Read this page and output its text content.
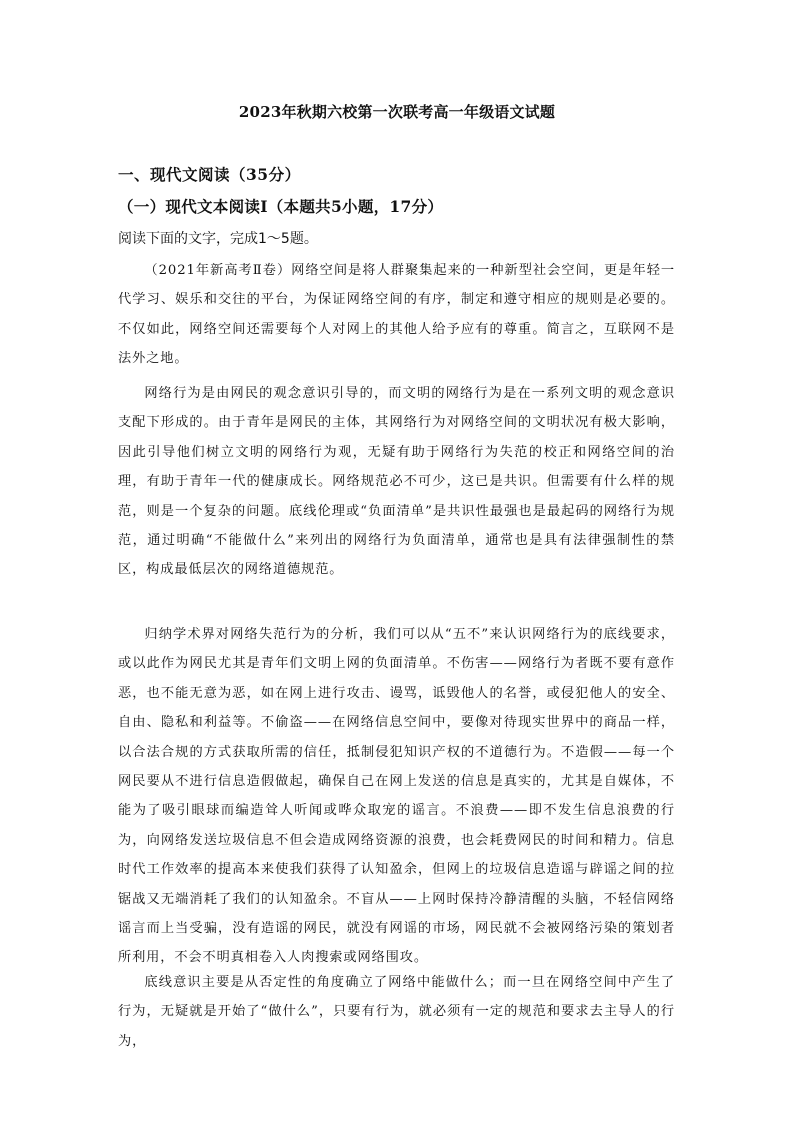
2023年秋期六校第一次联考高一年级语文试题
一、现代文阅读（35分）
（一）现代文本阅读Ⅰ（本题共5小题，17分）
阅读下面的文字，完成1～5题。

（2021年新高考Ⅱ卷）网络空间是将人群聚集起来的一种新型社会空间，更是年轻一代学习、娱乐和交往的平台，为保证网络空间的有序，制定和遵守相应的规则是必要的。不仅如此，网络空间还需要每个人对网上的其他人给予应有的尊重。简言之，互联网不是法外之地。

网络行为是由网民的观念意识引导的，而文明的网络行为是在一系列文明的观念意识支配下形成的。由于青年是网民的主体，其网络行为对网络空间的文明状况有极大影响，因此引导他们树立文明的网络行为观，无疑有助于网络行为失范的校正和网络空间的治理，有助于青年一代的健康成长。网络规范必不可少，这已是共识。但需要有什么样的规范，则是一个复杂的问题。底线伦理或“负面清单”是共识性最强也是最起码的网络行为规范，通过明确“不能做什么”来列出的网络行为负面清单，通常也是具有法律强制性的禁区，构成最低层次的网络道德规范。

归纳学术界对网络失范行为的分析，我们可以从“五不”来认识网络行为的底线要求，或以此作为网民尤其是青年们文明上网的负面清单。不伤害——网络行为者既不要有意作恶，也不能无意为恶，如在网上进行攻击、谩骂，诋毁他人的名誉，或侵犯他人的安全、自由、隐私和利益等。不偷盗——在网络信息空间中，要像对待现实世界中的商品一样，以合法合规的方式获取所需的信任，抵制侵犯知识产权的不道德行为。不造假——每一个网民要从不进行信息造假做起，确保自己在网上发送的信息是真实的，尤其是自媒体，不能为了吸引眼球而编造耸人听闻或哗众取宠的谣言。不浪费——即不发生信息浪费的行为，向网络发送垃圾信息不但会造成网络资源的浪费，也会耗费网民的时间和精力。信息时代工作效率的提高本来使我们获得了认知盈余，但网上的垃圾信息造谣与辟谣之间的拉锯战又无端消耗了我们的认知盈余。不盲从——上网时保持冷静清醒的头脑，不轻信网络谣言而上当受骗，没有造谣的网民，就没有网谣的市场，网民就不会被网络污染的策划者所利用，不会不明真相卷入人肉搜索或网络围攻。

底线意识主要是从否定性的角度确立了网络中能做什么；而一旦在网络空间中产生了行为，无疑就是开始了“做什么”，只要有行为，就必须有一定的规范和要求去主导人的行为，
